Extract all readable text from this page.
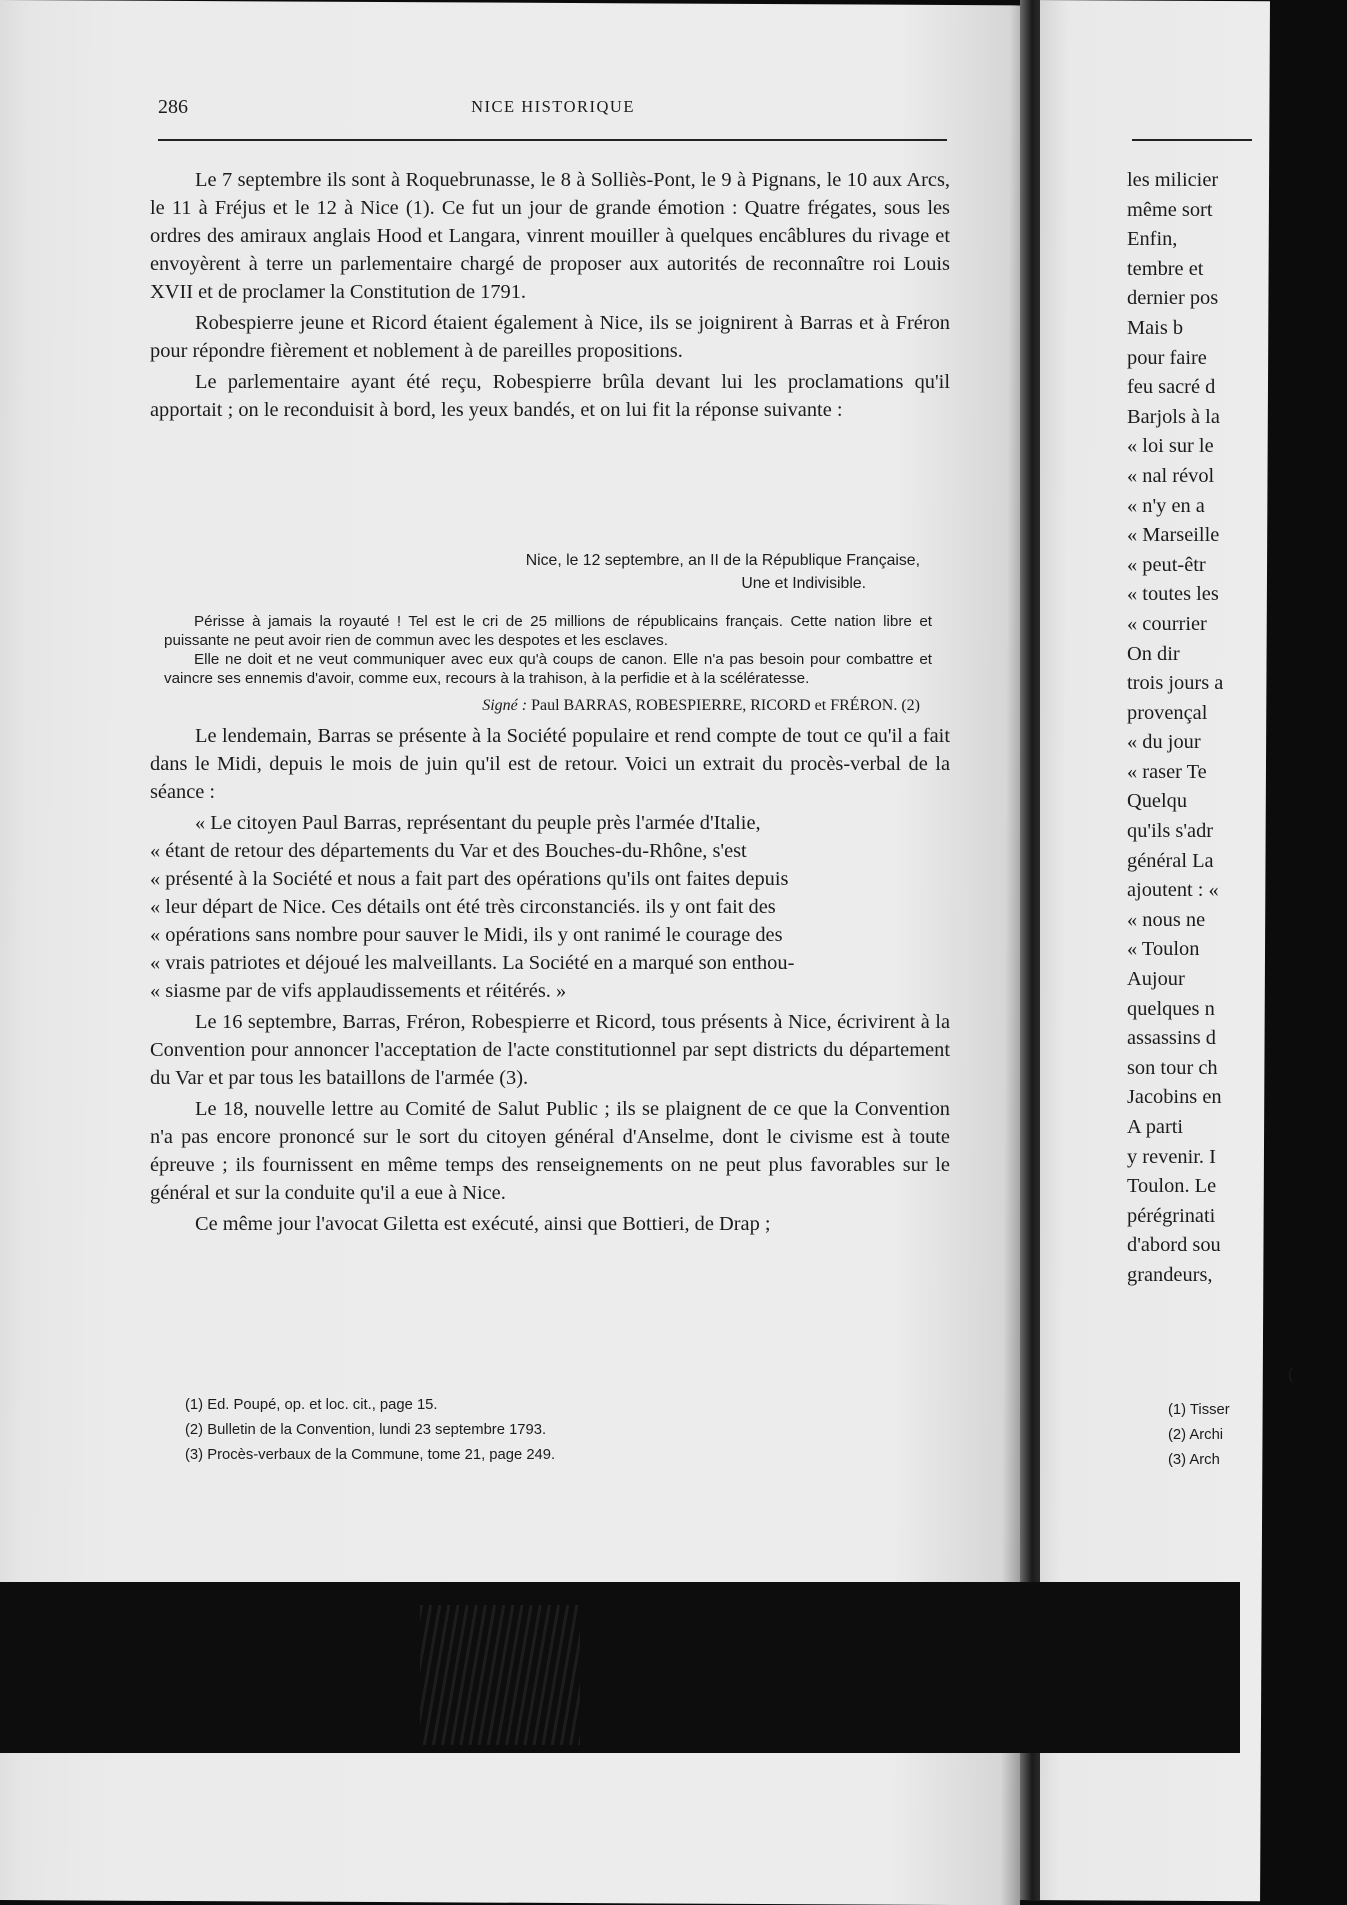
286	NICE HISTORIQUE

Le 7 septembre ils sont à Roquebrunasse, le 8 à Solliès-Pont, le 9 à Pignans, le 10 aux Arcs, le 11 à Fréjus et le 12 à Nice (1). Ce fut un jour de grande émotion : Quatre frégates, sous les ordres des amiraux anglais Hood et Langara, vinrent mouiller à quelques encâblures du rivage et envoyèrent à terre un parlementaire chargé de proposer aux autorités de reconnaître roi Louis XVII et de proclamer la Constitution de 1791.

Robespierre jeune et Ricord étaient également à Nice, ils se joignirent à Barras et à Fréron pour répondre fièrement et noblement à de pareilles propositions.

Le parlementaire ayant été reçu, Robespierre brûla devant lui les proclamations qu'il apportait ; on le reconduisit à bord, les yeux bandés, et on lui fit la réponse suivante :

Nice, le 12 septembre, an II de la République Française,
Une et Indivisible.

Périsse à jamais la royauté ! Tel est le cri de 25 millions de républicains français. Cette nation libre et puissante ne peut avoir rien de commun avec les despotes et les esclaves.

Elle ne doit et ne veut communiquer avec eux qu'à coups de canon. Elle n'a pas besoin pour combattre et vaincre ses ennemis d'avoir, comme eux, recours à la trahison, à la perfidie et à la scélératesse.

Signé : Paul BARRAS, ROBESPIERRE, RICORD et FRÉRON. (2)

Le lendemain, Barras se présente à la Société populaire et rend compte de tout ce qu'il a fait dans le Midi, depuis le mois de juin qu'il est de retour. Voici un extrait du procès-verbal de la séance :

« Le citoyen Paul Barras, représentant du peuple près l'armée d'Italie,
« étant de retour des départements du Var et des Bouches-du-Rhône, s'est
« présenté à la Société et nous a fait part des opérations qu'ils ont faites depuis
« leur départ de Nice. Ces détails ont été très circonstanciés. ils y ont fait des
« opérations sans nombre pour sauver le Midi, ils y ont ranimé le courage des
« vrais patriotes et déjoué les malveillants. La Société en a marqué son enthou-
« siasme par de vifs applaudissements et réitérés. »

Le 16 septembre, Barras, Fréron, Robespierre et Ricord, tous présents à Nice, écrivirent à la Convention pour annoncer l'acceptation de l'acte constitutionnel par sept districts du département du Var et par tous les bataillons de l'armée (3).

Le 18, nouvelle lettre au Comité de Salut Public ; ils se plaignent de ce que la Convention n'a pas encore prononcé sur le sort du citoyen général d'Anselme, dont le civisme est à toute épreuve ; ils fournissent en même temps des renseignements on ne peut plus favorables sur le général et sur la conduite qu'il a eue à Nice.

Ce même jour l'avocat Giletta est exécuté, ainsi que Bottieri, de Drap ;

(1) Ed. Poupé, op. et loc. cit., page 15.
(2) Bulletin de la Convention, lundi 23 septembre 1793.
(3) Procès-verbaux de la Commune, tome 21, page 249.
les milicier
même sort
Enfin,
tembre et
dernier pos
Mais b
pour faire
feu sacré d
Barjols à la
« loi sur le
« nal révol
« n'y en a
« Marseille
« peut-êtr
« toutes les
« courrier
On dir
trois jours a
provençal
« du jour
« raser Te
Quelqu
qu'ils s'adr
général La
ajoutent : «
« nous ne
« Toulon
Aujour
quelques n
assassins d
son tour ch
Jacobins en
A parti
y revenir. I
Toulon. Le
pérégrinati
d'abord sou
grandeurs,
(
(1) Tisser
(2) Archi
(3) Arch
